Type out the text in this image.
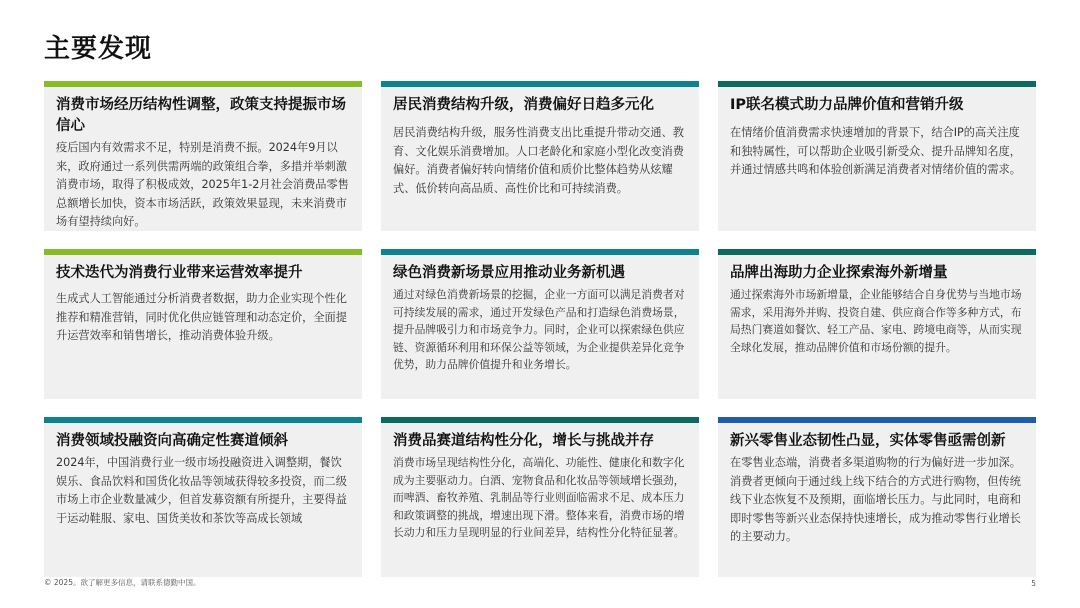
主要发现
消费市场经历结构性调整，政策支持提振市场信心
疫后国内有效需求不足，特别是消费不振。2024年9月以来，政府通过一系列供需两端的政策组合拳，多措并举刺激消费市场，取得了积极成效，2025年1-2月社会消费品零售总额增长加快，资本市场活跃，政策效果显现，未来消费市场有望持续向好。
居民消费结构升级，消费偏好日趋多元化
居民消费结构升级，服务性消费支出比重提升带动交通、教育、文化娱乐消费增加。人口老龄化和家庭小型化改变消费偏好。消费者偏好转向情绪价值和质价比整体趋势从炫耀式、低价转向高品质、高性价比和可持续消费。
IP联名模式助力品牌价值和营销升级
在情绪价值消费需求快速增加的背景下，结合IP的高关注度和独特属性，可以帮助企业吸引新受众、提升品牌知名度，并通过情感共鸣和体验创新满足消费者对情绪价值的需求。
技术迭代为消费行业带来运营效率提升
生成式人工智能通过分析消费者数据，助力企业实现个性化推荐和精准营销，同时优化供应链管理和动态定价，全面提升运营效率和销售增长，推动消费体验升级。
绿色消费新场景应用推动业务新机遇
通过对绿色消费新场景的挖掘，企业一方面可以满足消费者对可持续发展的需求，通过开发绿色产品和打造绿色消费场景，提升品牌吸引力和市场竞争力。同时，企业可以探索绿色供应链、资源循环利用和环保公益等领域，为企业提供差异化竞争优势，助力品牌价值提升和业务增长。
品牌出海助力企业探索海外新增量
通过探索海外市场新增量，企业能够结合自身优势与当地市场需求，采用海外并购、投资自建、供应商合作等多种方式，布局热门赛道如餐饮、轻工产品、家电、跨境电商等，从而实现全球化发展，推动品牌价值和市场份额的提升。
消费领域投融资向高确定性赛道倾斜
2024年，中国消费行业一级市场投融资进入调整期，餐饮娱乐、食品饮料和国货化妆品等领域获得较多投资，而二级市场上市企业数量减少，但首发募资额有所提升，主要得益于运动鞋服、家电、国货美妆和茶饮等高成长领域
消费品赛道结构性分化，增长与挑战并存
消费市场呈现结构性分化，高端化、功能性、健康化和数字化成为主要驱动力。白酒、宠物食品和化妆品等领域增长强劲，而啤酒、畜牧养殖、乳制品等行业则面临需求不足、成本压力和政策调整的挑战，增速出现下滑。整体来看，消费市场的增长动力和压力呈现明显的行业间差异，结构性分化特征显著。
新兴零售业态韧性凸显，实体零售亟需创新
在零售业态端，消费者多渠道购物的行为偏好进一步加深。消费者更倾向于通过线上线下结合的方式进行购物，但传统线下业态恢复不及预期，面临增长压力。与此同时，电商和即时零售等新兴业态保持快速增长，成为推动零售行业增长的主要动力。
© 2025。欲了解更多信息，请联系德勤中国。	5
